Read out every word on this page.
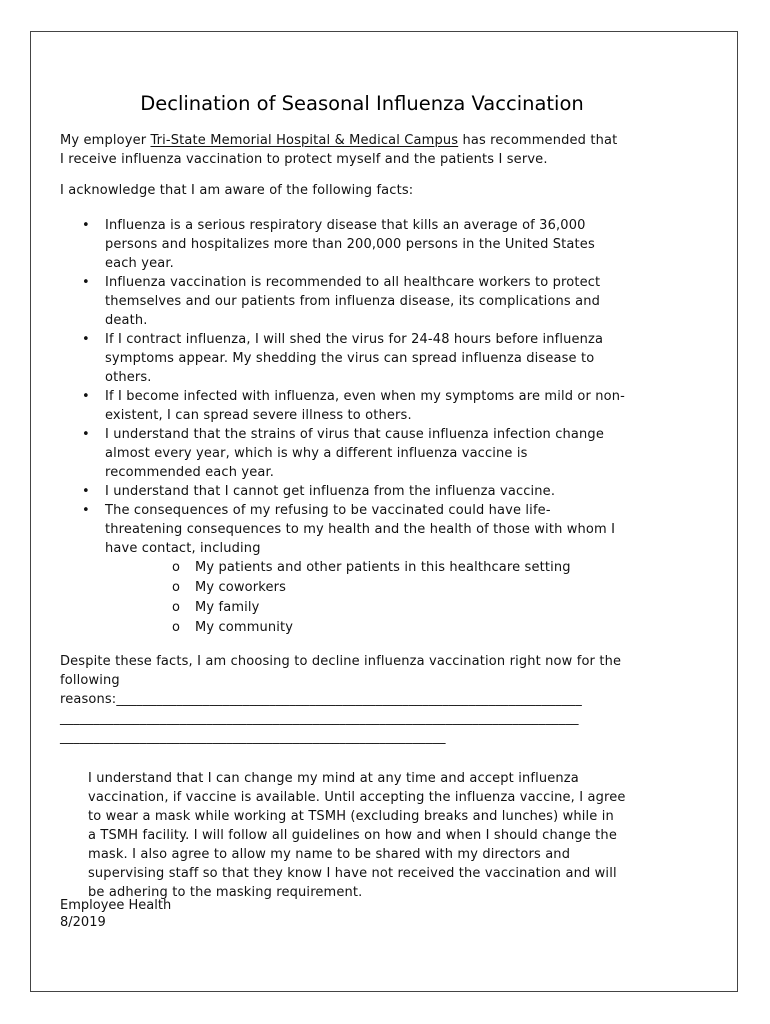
Declination of Seasonal Influenza Vaccination

My employer Tri-State Memorial Hospital & Medical Campus has recommended that
I receive influenza vaccination to protect myself and the patients I serve.

I acknowledge that I am aware of the following facts:

• Influenza is a serious respiratory disease that kills an average of 36,000
persons and hospitalizes more than 200,000 persons in the United States
each year.
• Influenza vaccination is recommended to all healthcare workers to protect
themselves and our patients from influenza disease, its complications and
death.
• If I contract influenza, I will shed the virus for 24-48 hours before influenza
symptoms appear. My shedding the virus can spread influenza disease to
others.
• If I become infected with influenza, even when my symptoms are mild or non-
existent, I can spread severe illness to others.
• I understand that the strains of virus that cause influenza infection change
almost every year, which is why a different influenza vaccine is
recommended each year.
• I understand that I cannot get influenza from the influenza vaccine.
• The consequences of my refusing to be vaccinated could have life-
threatening consequences to my health and the health of those with whom I
have contact, including
o My patients and other patients in this healthcare setting
o My coworkers
o My family
o My community

Despite these facts, I am choosing to decline influenza vaccination right now for the
following
reasons:______________________________________________________________________
______________________________________________________________________________
__________________________________________________________

I understand that I can change my mind at any time and accept influenza
vaccination, if vaccine is available. Until accepting the influenza vaccine, I agree
to wear a mask while working at TSMH (excluding breaks and lunches) while in
a TSMH facility. I will follow all guidelines on how and when I should change the
mask. I also agree to allow my name to be shared with my directors and
supervising staff so that they know I have not received the vaccination and will
be adhering to the masking requirement.

Employee Health
8/2019
